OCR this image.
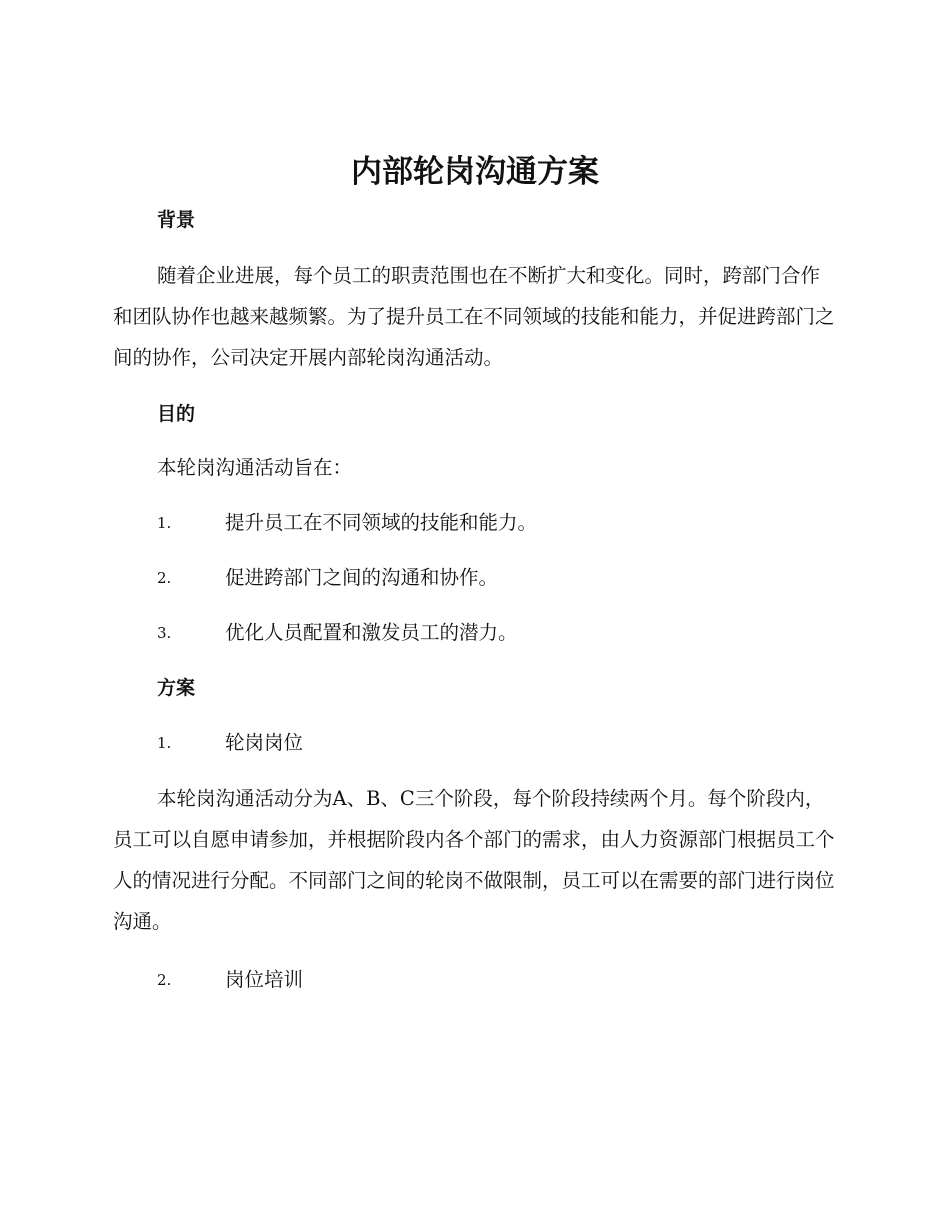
内部轮岗沟通方案
背景

随着企业进展，每个员工的职责范围也在不断扩大和变化。同时，跨部门合作和团队协作也越来越频繁。为了提升员工在不同领域的技能和能力，并促进跨部门之间的协作，公司决定开展内部轮岗沟通活动。

目的

本轮岗沟通活动旨在：

1.	提升员工在不同领域的技能和能力。
2.	促进跨部门之间的沟通和协作。
3.	优化人员配置和激发员工的潜力。
方案
1.	轮岗岗位

本轮岗沟通活动分为A、B、C三个阶段，每个阶段持续两个月。每个阶段内，员工可以自愿申请参加，并根据阶段内各个部门的需求，由人力资源部门根据员工个人的情况进行分配。不同部门之间的轮岗不做限制，员工可以在需要的部门进行岗位沟通。

2.	岗位培训
